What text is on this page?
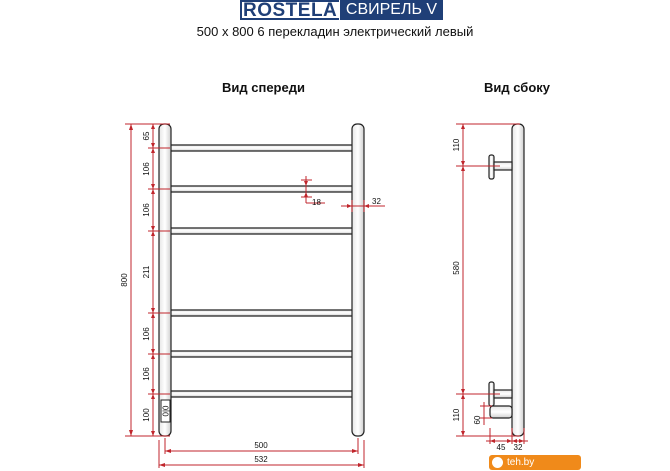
ROSTELA СВИРЕЛЬ V
500 x 800 6 перекладин электрический левый
Вид спереди	Вид сбоку
0|0
800
65
106
106
211
106
106
100
18	32
500
532
110
580
110 60
45 32
teh.by
